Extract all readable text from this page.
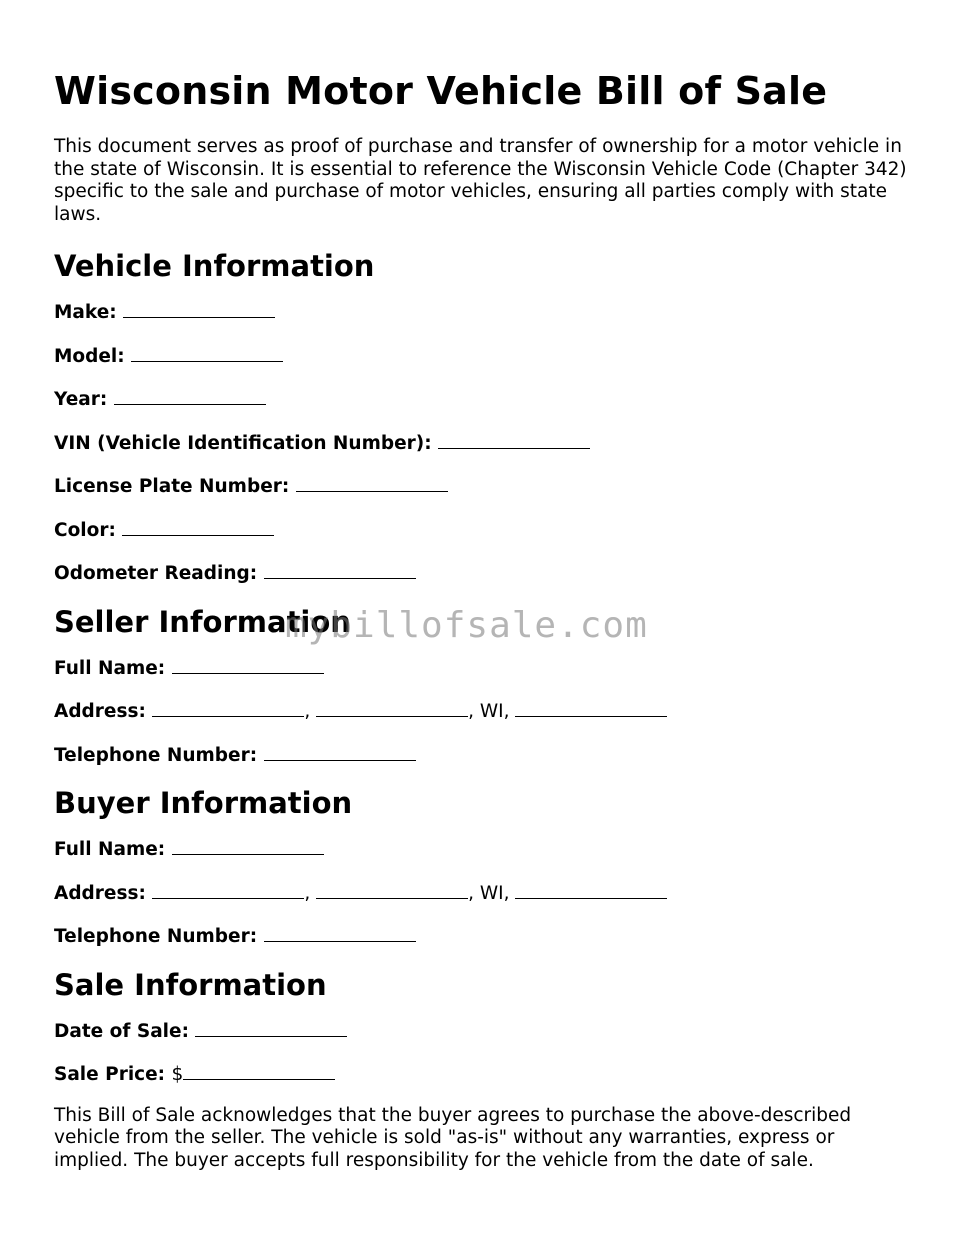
Wisconsin Motor Vehicle Bill of Sale

This document serves as proof of purchase and transfer of ownership for a motor vehicle in the state of Wisconsin. It is essential to reference the Wisconsin Vehicle Code (Chapter 342) specific to the sale and purchase of motor vehicles, ensuring all parties comply with state laws.

Vehicle Information
Make:
Model:
Year:
VIN (Vehicle Identification Number):
License Plate Number:
Color:
Odometer Reading:
Seller Information
Full Name:
Address:	,	, WI,
Telephone Number:
Buyer Information
Full Name:
Address:	,	, WI,
Telephone Number:
Sale Information
Date of Sale:
Sale Price: $

This Bill of Sale acknowledges that the buyer agrees to purchase the above-described vehicle from the seller. The vehicle is sold "as-is" without any warranties, express or implied. The buyer accepts full responsibility for the vehicle from the date of sale.

mybillofsale.com
